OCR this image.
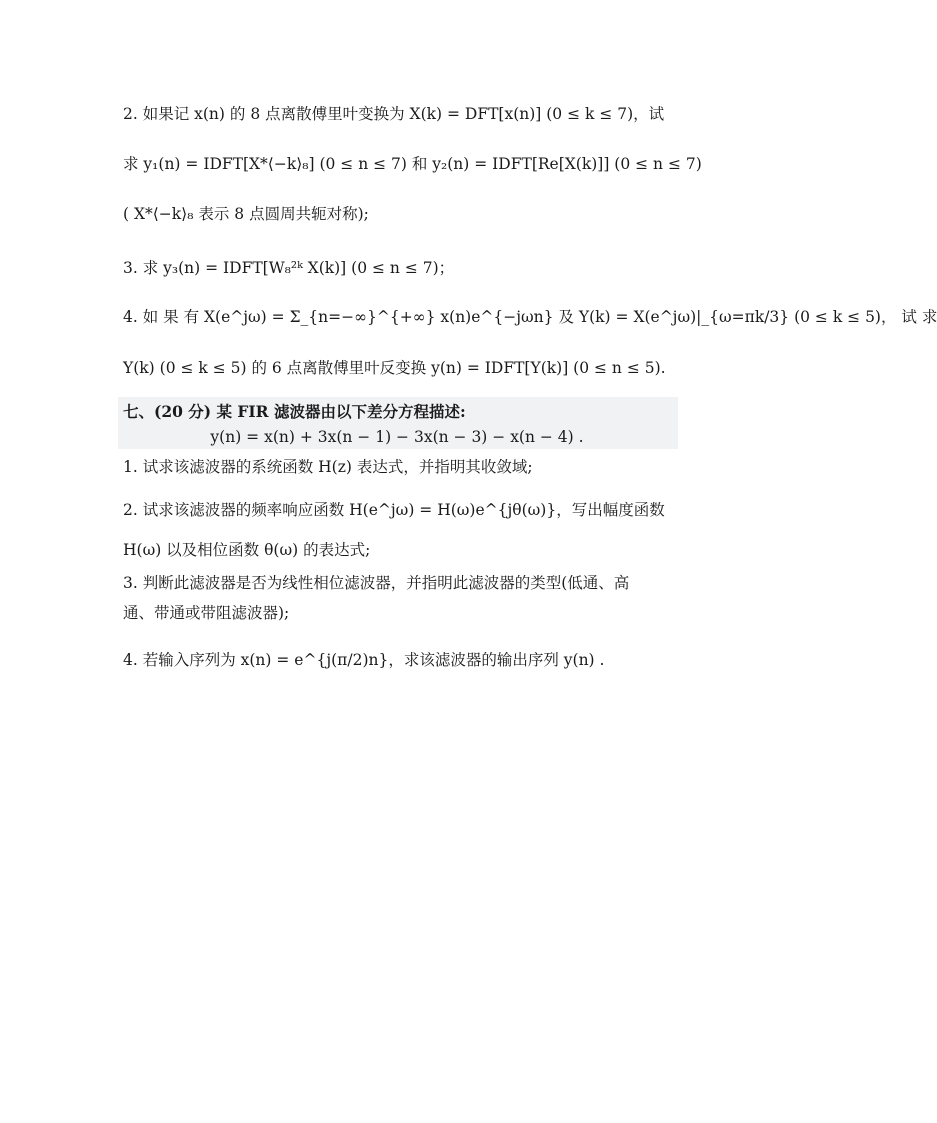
2. 如果记 x(n) 的 8 点离散傅里叶变换为 X(k) = DFT[x(n)] (0 ≤ k ≤ 7)，试
求 y₁(n) = IDFT[X*⟨−k⟩₈] (0 ≤ n ≤ 7) 和 y₂(n) = IDFT[Re[X(k)]] (0 ≤ n ≤ 7)
( X*⟨−k⟩₈ 表示 8 点圆周共轭对称);
3. 求 y₃(n) = IDFT[W₈²ᵏ X(k)] (0 ≤ n ≤ 7)；
4. 如 果 有 X(e^jω) = Σ_{n=−∞}^{+∞} x(n)e^{−jωn} 及 Y(k) = X(e^jω)|_{ω=πk/3} (0 ≤ k ≤ 5)， 试 求
Y(k) (0 ≤ k ≤ 5) 的 6 点离散傅里叶反变换 y(n) = IDFT[Y(k)] (0 ≤ n ≤ 5).
七、(20 分) 某 FIR 滤波器由以下差分方程描述:
y(n) = x(n) + 3x(n − 1) − 3x(n − 3) − x(n − 4) .
1. 试求该滤波器的系统函数 H(z) 表达式，并指明其收敛域;
2. 试求该滤波器的频率响应函数 H(e^jω) = H(ω)e^{jθ(ω)}，写出幅度函数
H(ω) 以及相位函数 θ(ω) 的表达式;
3. 判断此滤波器是否为线性相位滤波器，并指明此滤波器的类型(低通、高
通、带通或带阻滤波器);
4. 若输入序列为 x(n) = e^{j(π/2)n}，求该滤波器的输出序列 y(n) .
